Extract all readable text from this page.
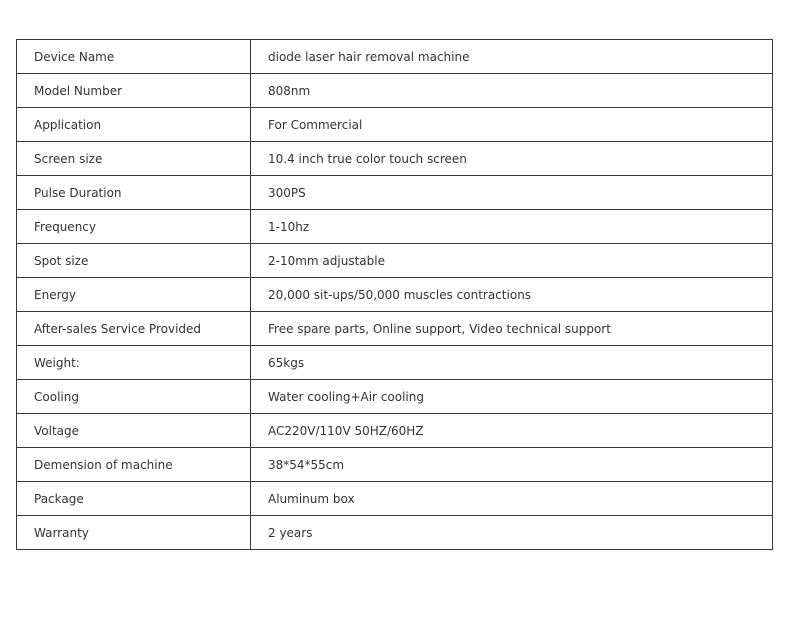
Device Name	diode laser hair removal machine
Model Number	808nm
Application	For Commercial
Screen size	10.4 inch true color touch screen
Pulse Duration	300PS
Frequency	1-10hz
Spot size	2-10mm adjustable
Energy	20,000 sit-ups/50,000 muscles contractions
After-sales Service Provided	Free spare parts, Online support, Video technical support
Weight:	65kgs
Cooling	Water cooling+Air cooling
Voltage	AC220V/110V 50HZ/60HZ
Demension of machine	38*54*55cm
Package	Aluminum box
Warranty	2 years
